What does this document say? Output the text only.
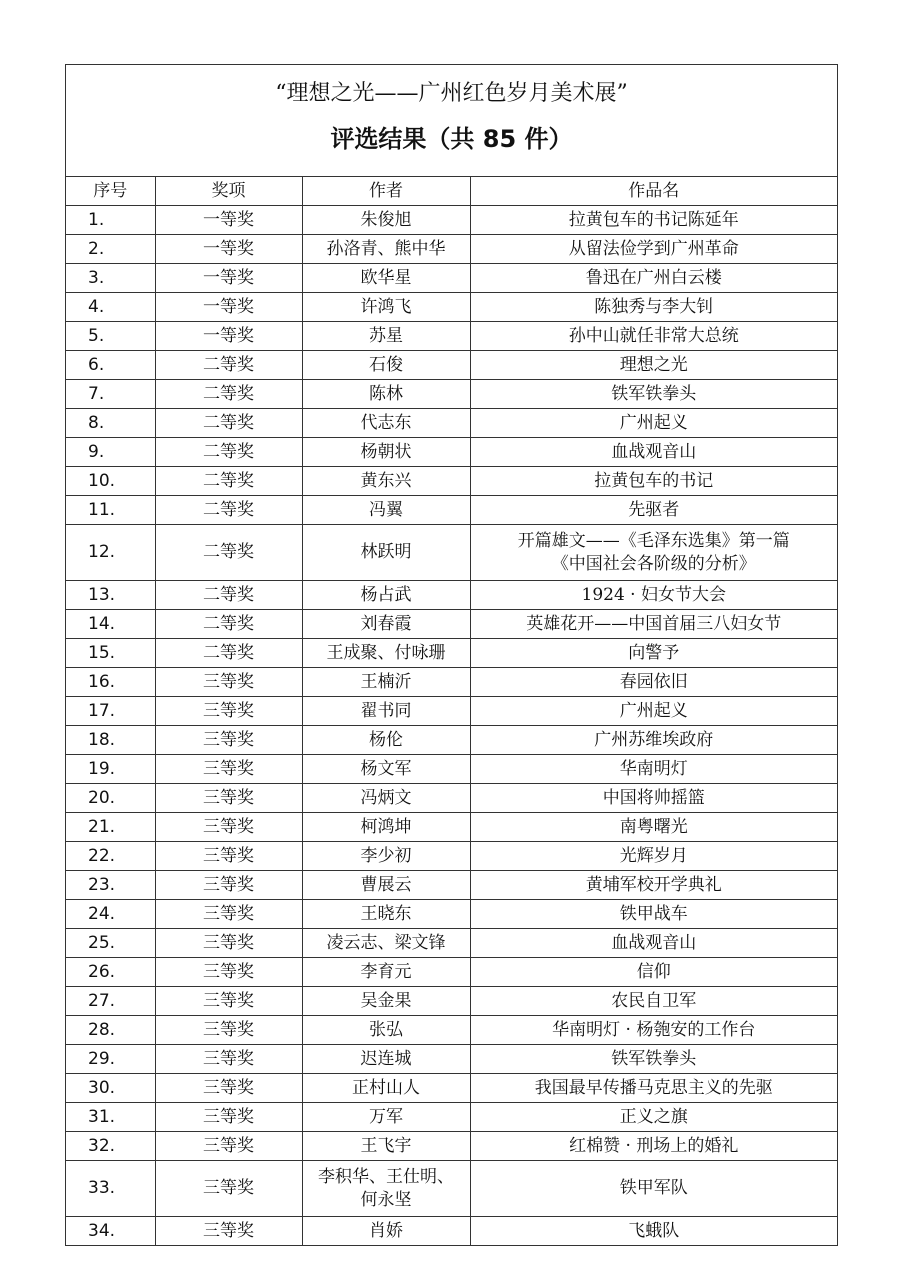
“理想之光——广州红色岁月美术展”
评选结果（共 85 件）
序号	奖项	作者	作品名
1.	一等奖	朱俊旭	拉黄包车的书记陈延年
2.	一等奖	孙洛青、熊中华	从留法俭学到广州革命
3.	一等奖	欧华星	鲁迅在广州白云楼
4.	一等奖	许鸿飞	陈独秀与李大钊
5.	一等奖	苏星	孙中山就任非常大总统
6.	二等奖	石俊	理想之光
7.	二等奖	陈林	铁军铁拳头
8.	二等奖	代志东	广州起义
9.	二等奖	杨朝状	血战观音山
10.	二等奖	黄东兴	拉黄包车的书记
11.	二等奖	冯翼	先驱者
12.	二等奖	林跃明	开篇雄文——《毛泽东选集》第一篇
《中国社会各阶级的分析》
13.	二等奖	杨占武	1924 · 妇女节大会
14.	二等奖	刘春霞	英雄花开——中国首届三八妇女节
15.	二等奖	王成聚、付咏珊	向警予
16.	三等奖	王楠沂	春园依旧
17.	三等奖	翟书同	广州起义
18.	三等奖	杨伦	广州苏维埃政府
19.	三等奖	杨文军	华南明灯
20.	三等奖	冯炳文	中国将帅摇篮
21.	三等奖	柯鸿坤	南粤曙光
22.	三等奖	李少初	光辉岁月
23.	三等奖	曹展云	黄埔军校开学典礼
24.	三等奖	王晓东	铁甲战车
25.	三等奖	凌云志、梁文锋	血战观音山
26.	三等奖	李育元	信仰
27.	三等奖	吴金果	农民自卫军
28.	三等奖	张弘	华南明灯 · 杨匏安的工作台
29.	三等奖	迟连城	铁军铁拳头
30.	三等奖	正村山人	我国最早传播马克思主义的先驱
31.	三等奖	万军	正义之旗
32.	三等奖	王飞宇	红棉赞 · 刑场上的婚礼
33.	三等奖	李积华、王仕明、
何永坚	铁甲军队
34.	三等奖	肖娇	飞蛾队
